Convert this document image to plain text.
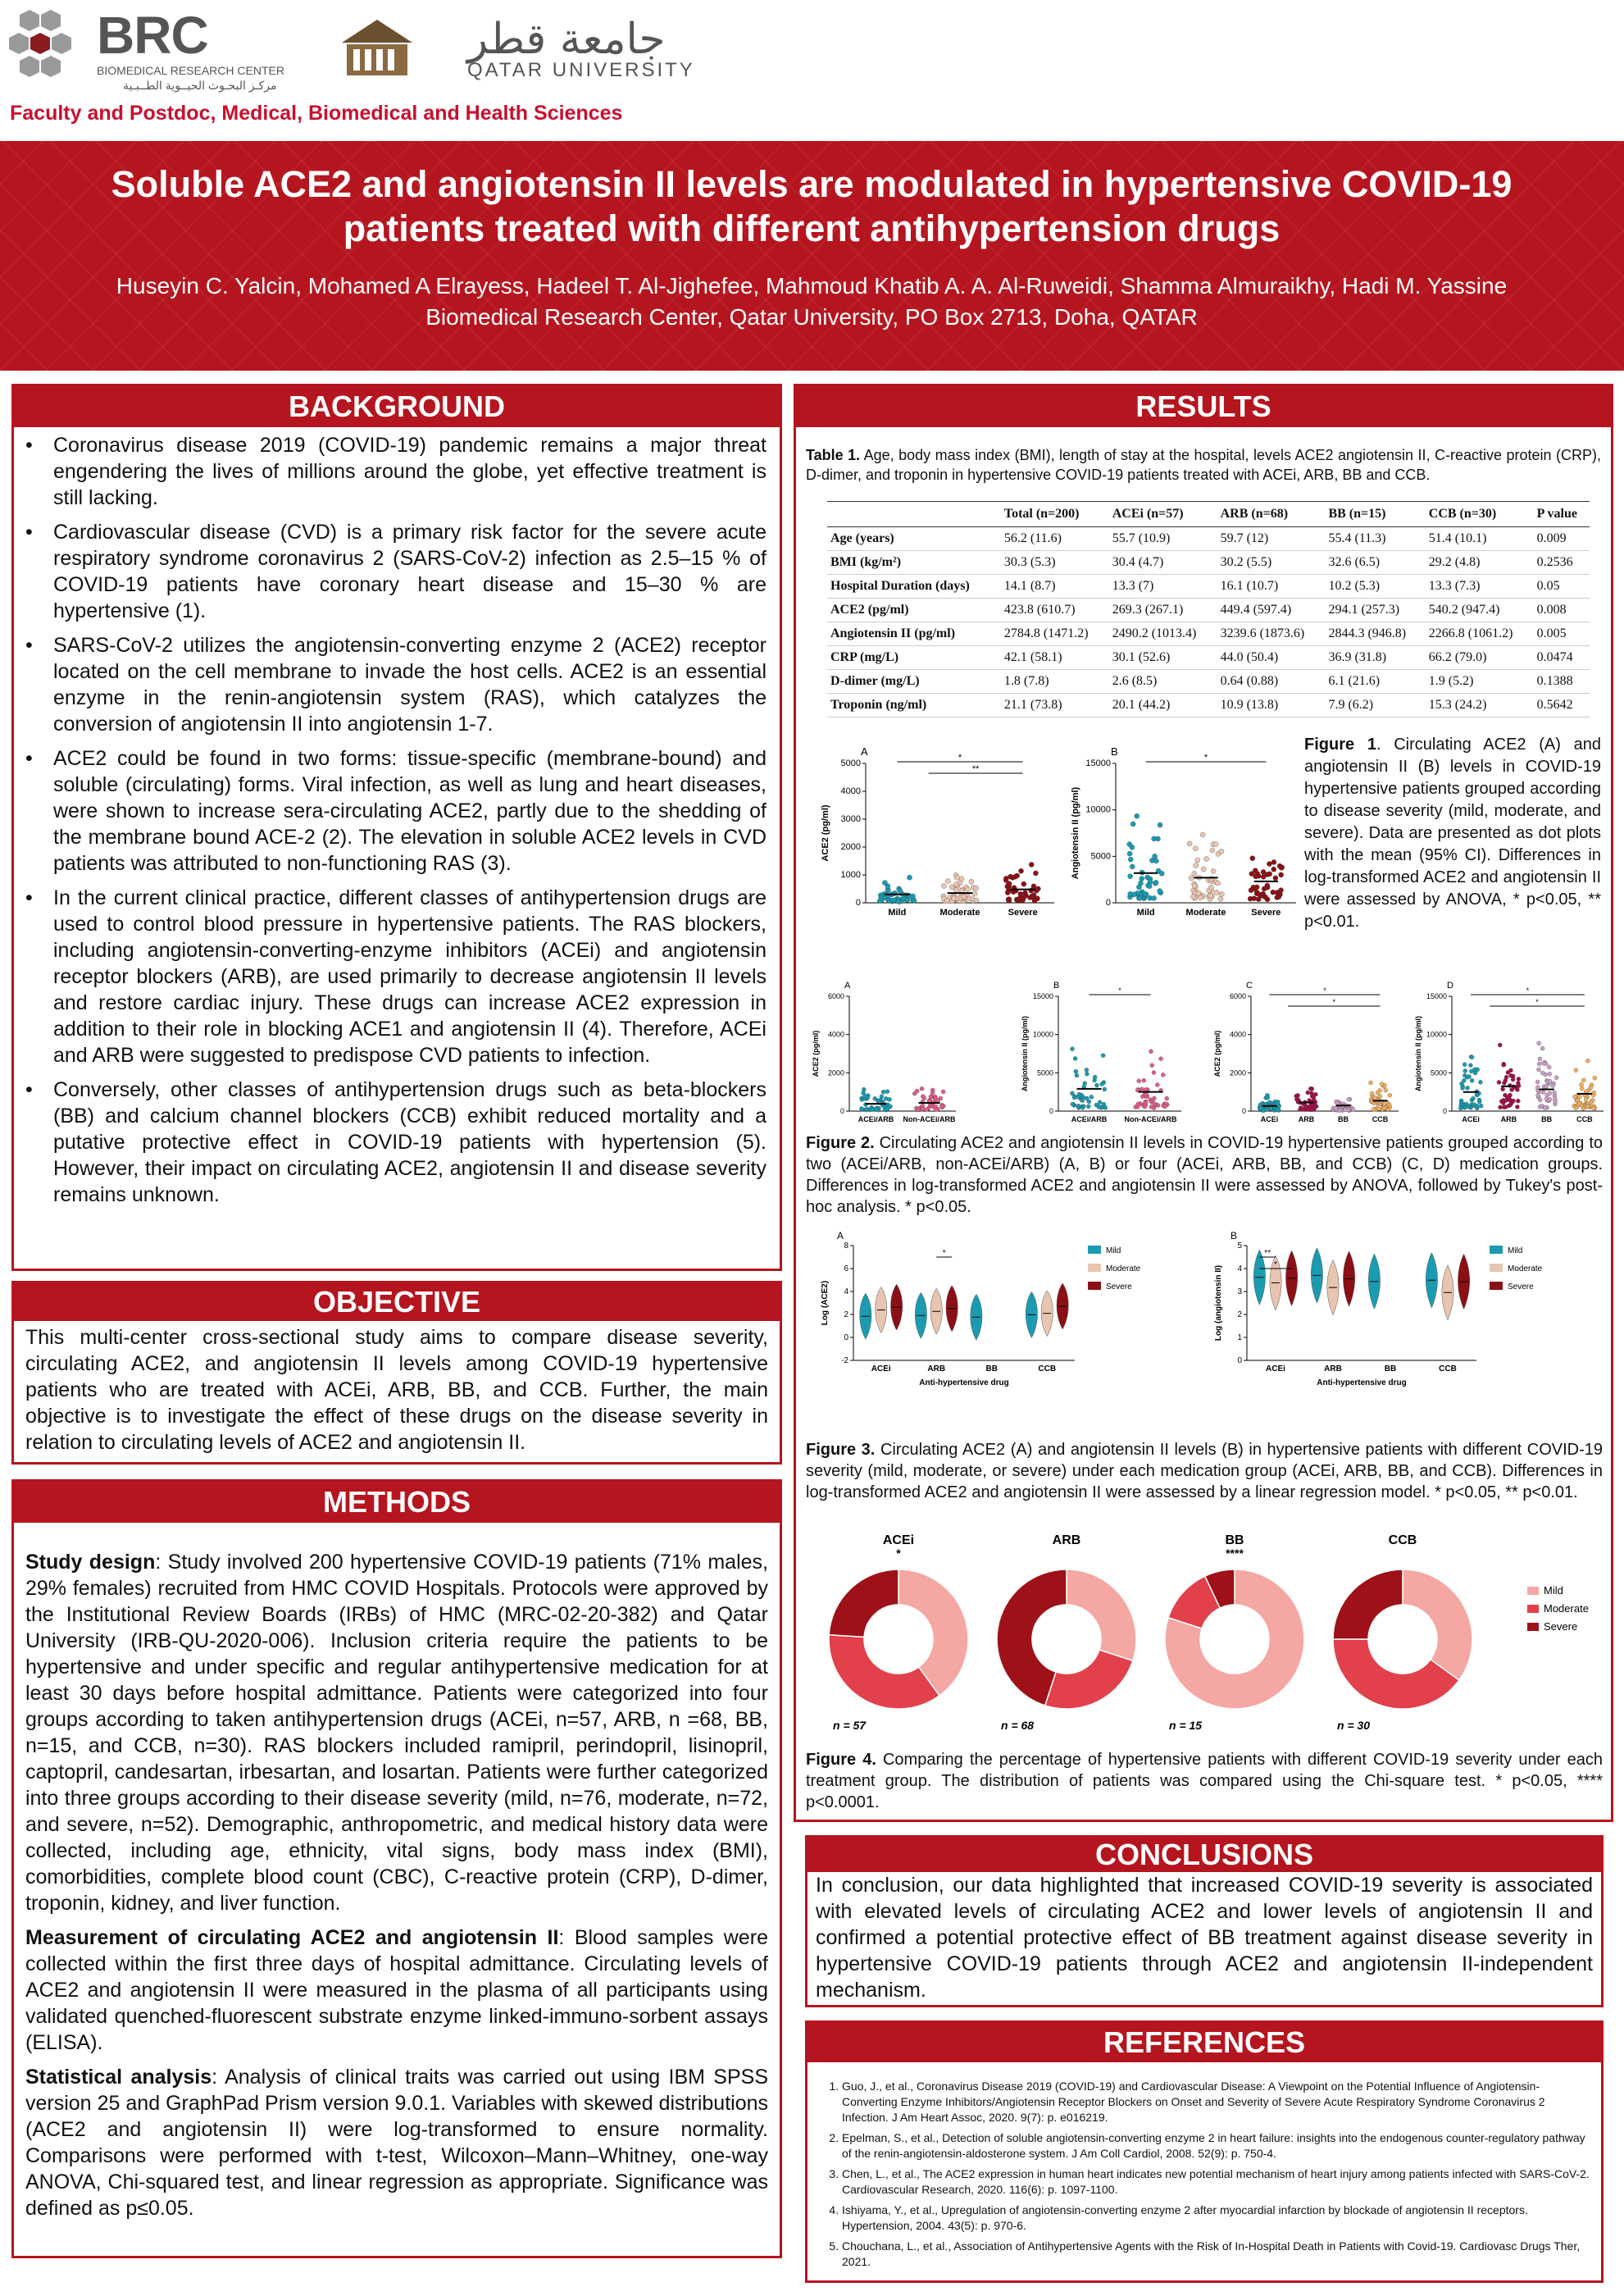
BRC
BIOMEDICAL RESEARCH CENTER
مركـز البحـوث الحيــوية الطــبـية
جامعة قطر
QATAR UNIVERSITY
Faculty and Postdoc, Medical, Biomedical and Health Sciences
Soluble ACE2 and angiotensin II levels are modulated in hypertensive COVID-19
patients treated with different antihypertension drugs
Huseyin C. Yalcin, Mohamed A Elrayess, Hadeel T. Al-Jighefee, Mahmoud Khatib A. A. Al-Ruweidi, Shamma Almuraikhy, Hadi M. Yassine
Biomedical Research Center, Qatar University, PO Box 2713, Doha, QATAR
BACKGROUND
• Coronavirus disease 2019 (COVID-19) pandemic remains a major threat engendering the lives of millions around the globe, yet effective treatment is still lacking.
• Cardiovascular disease (CVD) is a primary risk factor for the severe acute respiratory syndrome coronavirus 2 (SARS-CoV-2) infection as 2.5–15 % of COVID-19 patients have coronary heart disease and 15–30 % are hypertensive (1).
• SARS-CoV-2 utilizes the angiotensin-converting enzyme 2 (ACE2) receptor located on the cell membrane to invade the host cells. ACE2 is an essential enzyme in the renin-angiotensin system (RAS), which catalyzes the conversion of angiotensin II into angiotensin 1-7.
• ACE2 could be found in two forms: tissue-specific (membrane-bound) and soluble (circulating) forms. Viral infection, as well as lung and heart diseases, were shown to increase sera-circulating ACE2, partly due to the shedding of the membrane bound ACE-2 (2). The elevation in soluble ACE2 levels in CVD patients was attributed to non-functioning RAS (3).
• In the current clinical practice, different classes of antihypertension drugs are used to control blood pressure in hypertensive patients. The RAS blockers, including angiotensin-converting-enzyme inhibitors (ACEi) and angiotensin receptor blockers (ARB), are used primarily to decrease angiotensin II levels and restore cardiac injury. These drugs can increase ACE2 expression in addition to their role in blocking ACE1 and angiotensin II (4). Therefore, ACEi and ARB were suggested to predispose CVD patients to infection.
• Conversely, other classes of antihypertension drugs such as beta-blockers (BB) and calcium channel blockers (CCB) exhibit reduced mortality and a putative protective effect in COVID-19 patients with hypertension (5). However, their impact on circulating ACE2, angiotensin II and disease severity remains unknown.
OBJECTIVE
This multi-center cross-sectional study aims to compare disease severity, circulating ACE2, and angiotensin II levels among COVID-19 hypertensive patients who are treated with ACEi, ARB, BB, and CCB. Further, the main objective is to investigate the effect of these drugs on the disease severity in relation to circulating levels of ACE2 and angiotensin II.
METHODS

Study design: Study involved 200 hypertensive COVID-19 patients (71% males, 29% females) recruited from HMC COVID Hospitals. Protocols were approved by the Institutional Review Boards (IRBs) of HMC (MRC-02-20-382) and Qatar University (IRB-QU-2020-006). Inclusion criteria require the patients to be hypertensive and under specific and regular antihypertensive medication for at least 30 days before hospital admittance. Patients were categorized into four groups according to taken antihypertension drugs (ACEi, n=57, ARB, n =68, BB, n=15, and CCB, n=30). RAS blockers included ramipril, perindopril, lisinopril, captopril, candesartan, irbesartan, and losartan. Patients were further categorized into three groups according to their disease severity (mild, n=76, moderate, n=72, and severe, n=52). Demographic, anthropometric, and medical history data were collected, including age, ethnicity, vital signs, body mass index (BMI), comorbidities, complete blood count (CBC), C-reactive protein (CRP), D-dimer, troponin, kidney, and liver function.

Measurement of circulating ACE2 and angiotensin II: Blood samples were collected within the first three days of hospital admittance. Circulating levels of ACE2 and angiotensin II were measured in the plasma of all participants using validated quenched-fluorescent substrate enzyme linked-immuno-sorbent assays (ELISA).

Statistical analysis: Analysis of clinical traits was carried out using IBM SPSS version 25 and GraphPad Prism version 9.0.1. Variables with skewed distributions (ACE2 and angiotensin II) were log-transformed to ensure normality. Comparisons were performed with t-test, Wilcoxon–Mann–Whitney, one-way ANOVA, Chi-squared test, and linear regression as appropriate. Significance was defined as p≤0.05.

RESULTS
Table 1. Age, body mass index (BMI), length of stay at the hospital, levels ACE2 angiotensin II, C-reactive protein (CRP), D-dimer, and troponin in hypertensive COVID-19 patients treated with ACEi, ARB, BB and CCB.
	Total (n=200)	ACEi (n=57)	ARB (n=68)	BB (n=15)	CCB (n=30)	P value
Age (years)	56.2 (11.6)	55.7 (10.9)	59.7 (12)	55.4 (11.3)	51.4 (10.1)	0.009
BMI (kg/m²)	30.3 (5.3)	30.4 (4.7)	30.2 (5.5)	32.6 (6.5)	29.2 (4.8)	0.2536
Hospital Duration (days)	14.1 (8.7)	13.3 (7)	16.1 (10.7)	10.2 (5.3)	13.3 (7.3)	0.05
ACE2 (pg/ml)	423.8 (610.7)	269.3 (267.1)	449.4 (597.4)	294.1 (257.3)	540.2 (947.4)	0.008
Angiotensin II (pg/ml)	2784.8 (1471.2)	2490.2 (1013.4)	3239.6 (1873.6)	2844.3 (946.8)	2266.8 (1061.2)	0.005
CRP (mg/L)	42.1 (58.1)	30.1 (52.6)	44.0 (50.4)	36.9 (31.8)	66.2 (79.0)	0.0474
D-dimer (mg/L)	1.8 (7.8)	2.6 (8.5)	0.64 (0.88)	6.1 (21.6)	1.9 (5.2)	0.1388
Troponin (ng/ml)	21.1 (73.8)	20.1 (44.2)	10.9 (13.8)	7.9 (6.2)	15.3 (24.2)	0.5642
A
0
1000
2000
3000
4000
5000
ACE2 (pg/ml)
Mild	Moderate	Severe
*
**
B
0
5000
10000
15000
Angiotensin II (pg/ml)
Mild	Moderate	Severe
*
Figure 1. Circulating ACE2 (A) and angiotensin II (B) levels in COVID-19 hypertensive patients grouped according to disease severity (mild, moderate, and severe). Data are presented as dot plots with the mean (95% CI). Differences in log-transformed ACE2 and angiotensin II were assessed by ANOVA, * p<0.05, ** p<0.01.
A
0
2000
4000
6000
ACE2 (pg/ml)
ACEi/ARB Non-ACEi/ARB
B
0
5000
10000
15000
Angiotensin II (pg/ml)
ACEi/ARB Non-ACEi/ARB
*	C
0
2000
4000
6000
ACE2 (pg/ml)
ACEi	ARB	BB	CCB
*
*
D
0
5000
10000
15000
Angiotensin II (pg/ml)
ACEi	ARB	BB	CCB
*
*
Figure 2. Circulating ACE2 and angiotensin II levels in COVID-19 hypertensive patients grouped according to two (ACEi/ARB, non-ACEi/ARB) (A, B) or four (ACEi, ARB, BB, and CCB) (C, D) medication groups. Differences in log-transformed ACE2 and angiotensin II were assessed by ANOVA, followed by Tukey's post-hoc analysis. * p<0.05.
A
-2
0
2
4
6
8
Log (ACE2)
ACEi	ARB	BB	CCB
Anti-hypertensive drug
*	Mild
Moderate
Severe
B
0
1
2
3
4
5
Log (angiotensin II)
ACEi	ARB	BB	CCB
Anti-hypertensive drug
**
*
Mild
Moderate
Severe
Figure 3. Circulating ACE2 (A) and angiotensin II levels (B) in hypertensive patients with different COVID-19 severity (mild, moderate, or severe) under each medication group (ACEi, ARB, BB, and CCB). Differences in log-transformed ACE2 and angiotensin II were assessed by a linear regression model. * p<0.05, ** p<0.01.
ACEi
*
n = 57
ARB
n = 68
BB
****
n = 15
CCB
n = 30
Mild
Moderate
Severe
Figure 4. Comparing the percentage of hypertensive patients with different COVID-19 severity under each treatment group. The distribution of patients was compared using the Chi-square test. * p<0.05, **** p<0.0001.
CONCLUSIONS
In conclusion, our data highlighted that increased COVID-19 severity is associated with elevated levels of circulating ACE2 and lower levels of angiotensin II and confirmed a potential protective effect of BB treatment against disease severity in hypertensive COVID-19 patients through ACE2 and angiotensin II-independent mechanism.
REFERENCES
1. Guo, J., et al., Coronavirus Disease 2019 (COVID-19) and Cardiovascular Disease: A Viewpoint on the Potential Influence of Angiotensin-Converting Enzyme Inhibitors/Angiotensin Receptor Blockers on Onset and Severity of Severe Acute Respiratory Syndrome Coronavirus 2 Infection. J Am Heart Assoc, 2020. 9(7): p. e016219.
2. Epelman, S., et al., Detection of soluble angiotensin-converting enzyme 2 in heart failure: insights into the endogenous counter-regulatory pathway of the renin-angiotensin-aldosterone system. J Am Coll Cardiol, 2008. 52(9): p. 750-4.
3. Chen, L., et al., The ACE2 expression in human heart indicates new potential mechanism of heart injury among patients infected with SARS-CoV-2. Cardiovascular Research, 2020. 116(6): p. 1097-1100.
4. Ishiyama, Y., et al., Upregulation of angiotensin-converting enzyme 2 after myocardial infarction by blockade of angiotensin II receptors. Hypertension, 2004. 43(5): p. 970-6.
5. Chouchana, L., et al., Association of Antihypertensive Agents with the Risk of In-Hospital Death in Patients with Covid-19. Cardiovasc Drugs Ther, 2021.
